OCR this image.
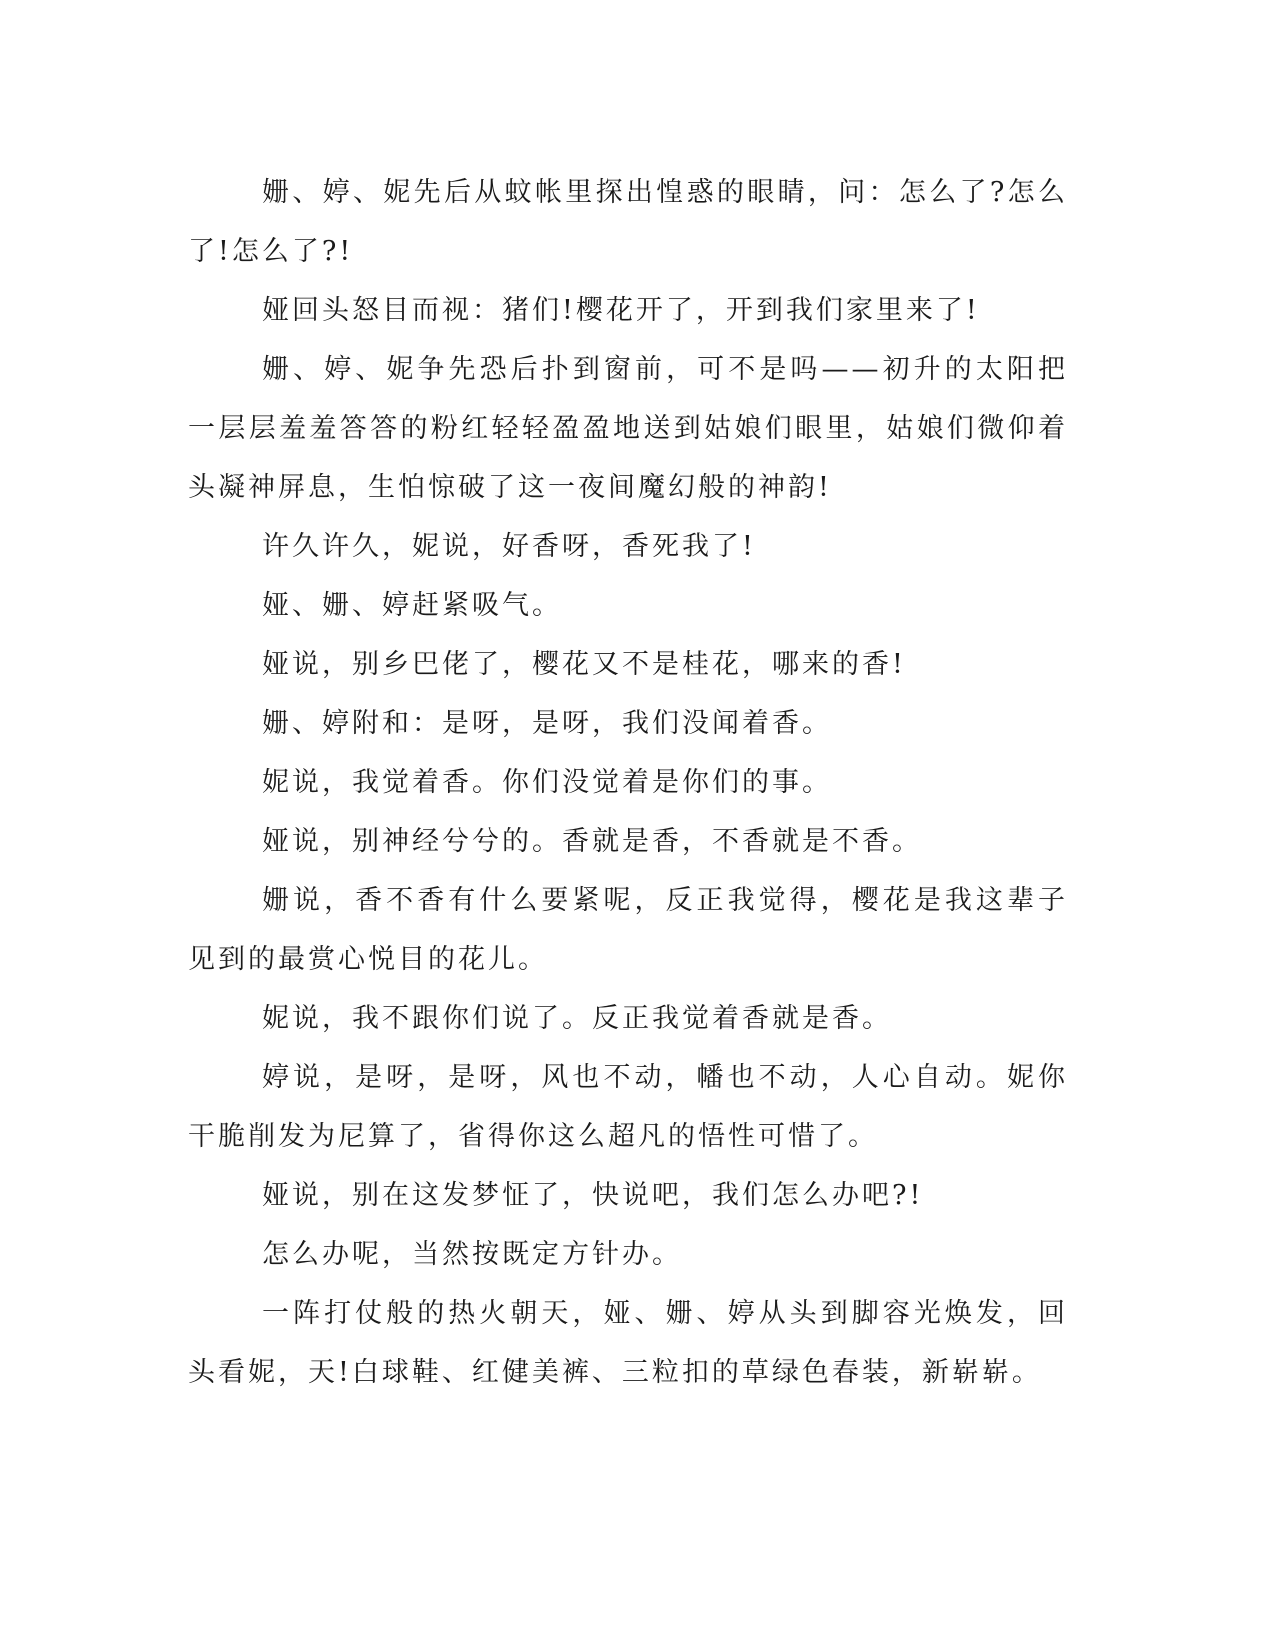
姗、婷、妮先后从蚊帐里探出惶惑的眼睛，问：怎么了?怎么了!怎么了?!

娅回头怒目而视：猪们!樱花开了，开到我们家里来了!

姗、婷、妮争先恐后扑到窗前，可不是吗——初升的太阳把一层层羞羞答答的粉红轻轻盈盈地送到姑娘们眼里，姑娘们微仰着头凝神屏息，生怕惊破了这一夜间魔幻般的神韵!

许久许久，妮说，好香呀，香死我了!

娅、姗、婷赶紧吸气。

娅说，别乡巴佬了，樱花又不是桂花，哪来的香!

姗、婷附和：是呀，是呀，我们没闻着香。

妮说，我觉着香。你们没觉着是你们的事。

娅说，别神经兮兮的。香就是香，不香就是不香。

姗说，香不香有什么要紧呢，反正我觉得，樱花是我这辈子见到的最赏心悦目的花儿。

妮说，我不跟你们说了。反正我觉着香就是香。

婷说，是呀，是呀，风也不动，幡也不动，人心自动。妮你干脆削发为尼算了，省得你这么超凡的悟性可惜了。

娅说，别在这发梦怔了，快说吧，我们怎么办吧?!

怎么办呢，当然按既定方针办。

一阵打仗般的热火朝天，娅、姗、婷从头到脚容光焕发，回头看妮，天!白球鞋、红健美裤、三粒扣的草绿色春装，新崭崭。
